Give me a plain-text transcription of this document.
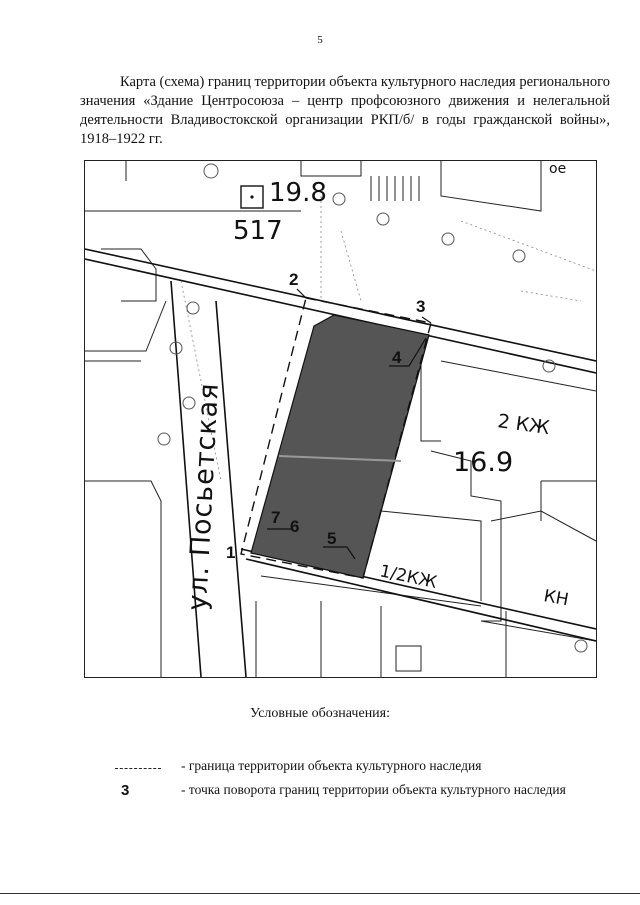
5
Карта (схема) границ территории объекта культурного наследия регионального значения «Здание Центросоюза – центр профсоюзного движения и нелегальной деятельности Владивостокской организации РКП/б/ в годы гражданской войны», 1918–1922 гг.
ул. Посьетская
19.8
517
ое
2 КЖ
16.9
1/2КЖ
КН
1
2
3
4
5
6
7
Условные обозначения:
- граница территории объекта культурного наследия
3	- точка поворота границ территории объекта культурного наследия
